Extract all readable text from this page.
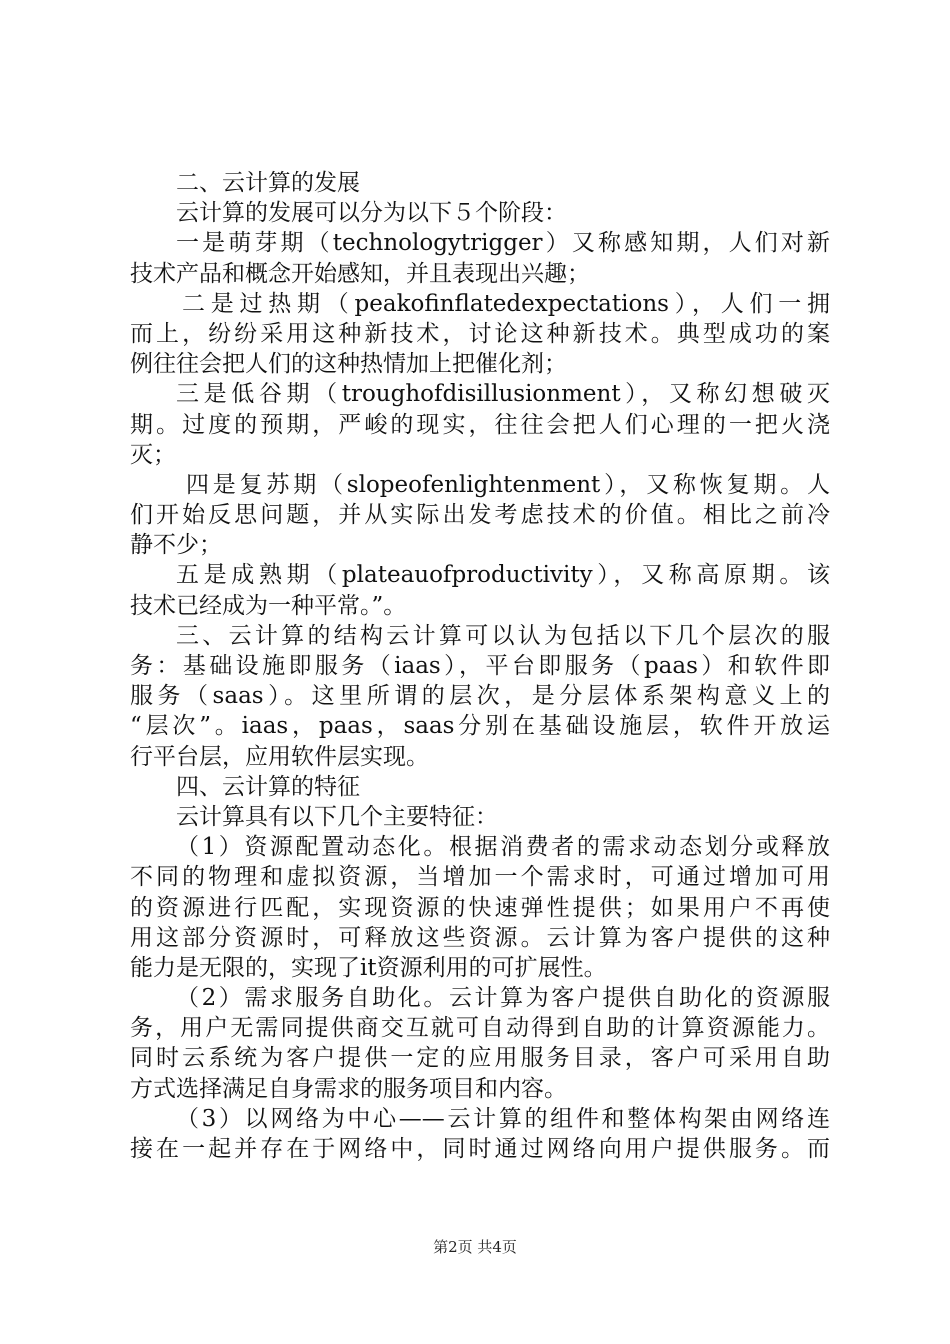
二、云计算的发展
云计算的发展可以分为以下５个阶段：
一是萌芽期（technologytrigger）又称感知期，人们对新
技术产品和概念开始感知，并且表现出兴趣；
二是过热期（peakofinflatedexpectations），人们一拥
而上，纷纷采用这种新技术，讨论这种新技术。典型成功的案
例往往会把人们的这种热情加上把催化剂；
三是低谷期（troughofdisillusionment），又称幻想破灭
期。过度的预期，严峻的现实，往往会把人们心理的一把火浇
灭；
四是复苏期（slopeofenlightenment），又称恢复期。人
们开始反思问题，并从实际出发考虑技术的价值。相比之前冷
静不少；
五是成熟期（plateauofproductivity），又称高原期。该
技术已经成为一种平常。”。
三、云计算的结构云计算可以认为包括以下几个层次的服
务：基础设施即服务（iaas），平台即服务（paas）和软件即
服务（saas）。这里所谓的层次，是分层体系架构意义上的
“层次”。iaas，paas，saas分别在基础设施层，软件开放运
行平台层，应用软件层实现。
四、云计算的特征
云计算具有以下几个主要特征：
（1）资源配置动态化。根据消费者的需求动态划分或释放
不同的物理和虚拟资源，当增加一个需求时，可通过增加可用
的资源进行匹配，实现资源的快速弹性提供；如果用户不再使
用这部分资源时，可释放这些资源。云计算为客户提供的这种
能力是无限的，实现了it资源利用的可扩展性。
（2）需求服务自助化。云计算为客户提供自助化的资源服
务，用户无需同提供商交互就可自动得到自助的计算资源能力。
同时云系统为客户提供一定的应用服务目录，客户可采用自助
方式选择满足自身需求的服务项目和内容。
（3）以网络为中心——云计算的组件和整体构架由网络连
接在一起并存在于网络中，同时通过网络向用户提供服务。而
第2页 共4页
